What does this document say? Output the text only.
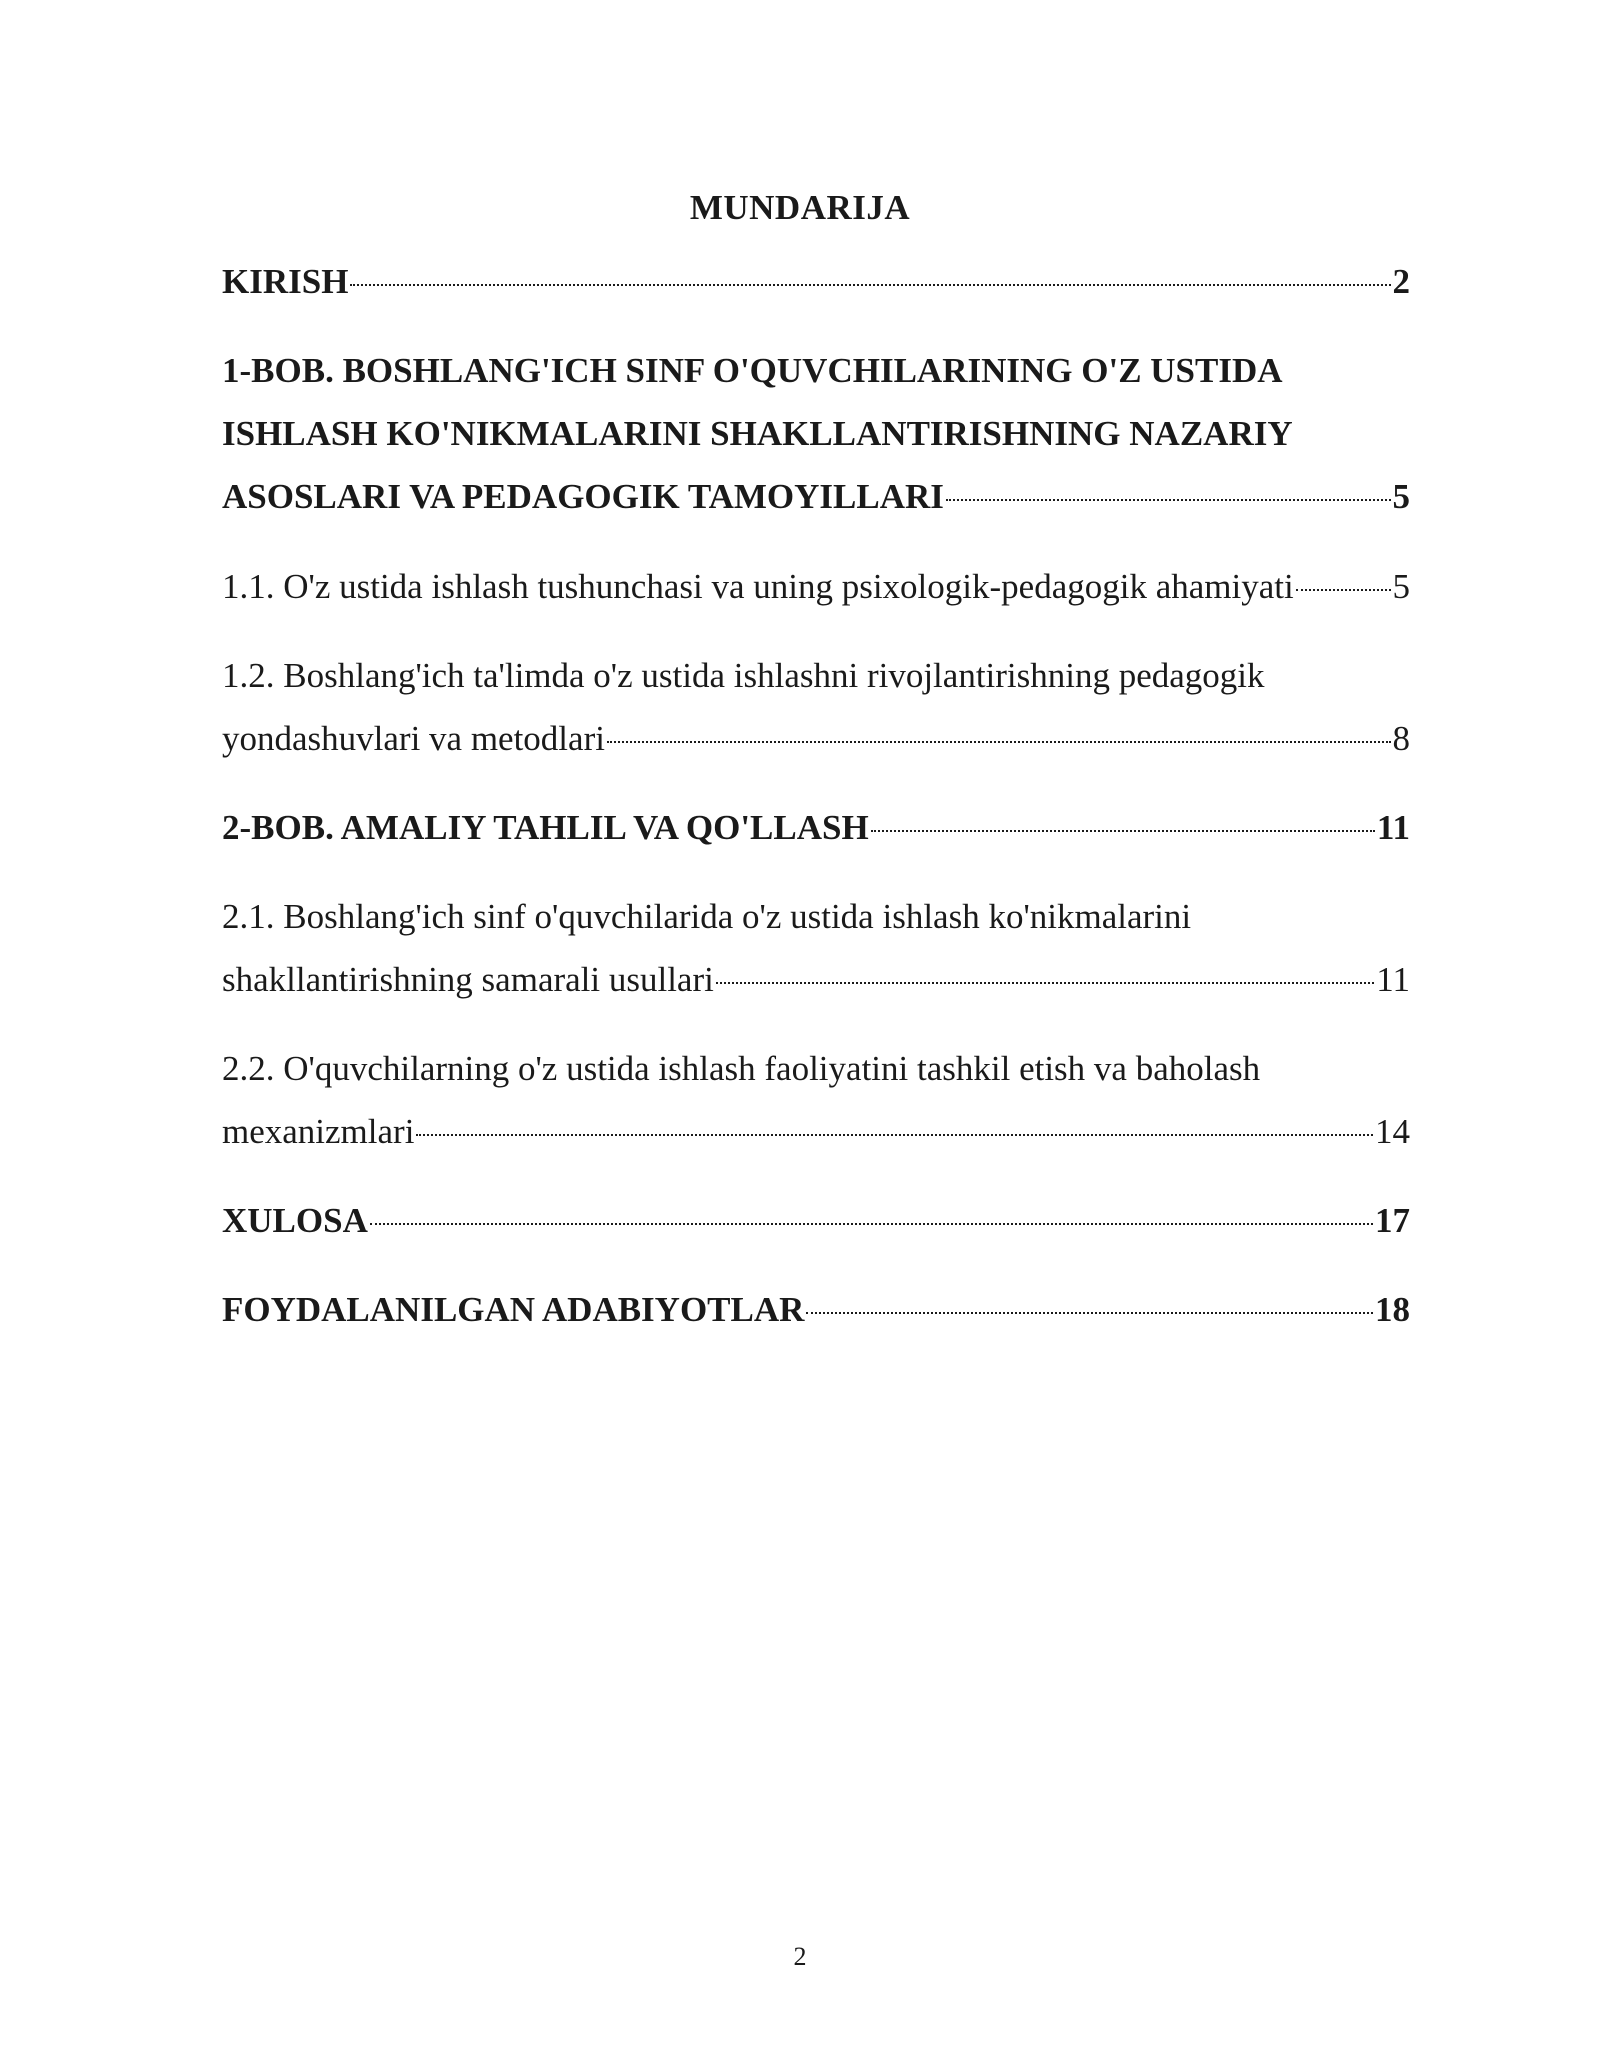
MUNDARIJA
KIRISH	2
1-BOB. BOSHLANG'ICH SINF O'QUVCHILARINING O'Z USTIDA
ISHLASH KO'NIKMALARINI SHAKLLANTIRISHNING NAZARIY
ASOSLARI VA PEDAGOGIK TAMOYILLARI	5
1.1. O'z ustida ishlash tushunchasi va uning psixologik-pedagogik ahamiyati	5
1.2. Boshlang'ich ta'limda o'z ustida ishlashni rivojlantirishning pedagogik
yondashuvlari va metodlari	8
2-BOB. AMALIY TAHLIL VA QO'LLASH	11
2.1. Boshlang'ich sinf o'quvchilarida o'z ustida ishlash ko'nikmalarini
shakllantirishning samarali usullari	11
2.2. O'quvchilarning o'z ustida ishlash faoliyatini tashkil etish va baholash
mexanizmlari	14
XULOSA	17
FOYDALANILGAN ADABIYOTLAR	18
2
